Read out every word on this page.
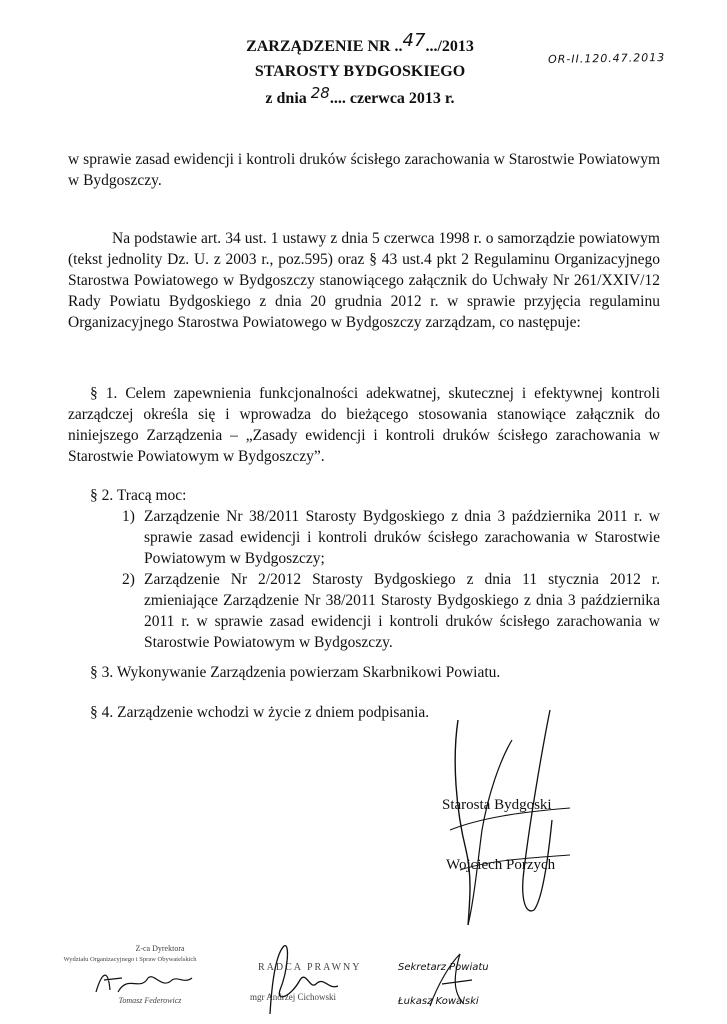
ZARZĄDZENIE NR ..47.../2013
STAROSTY BYDGOSKIEGO
z dnia 28.... czerwca 2013 r.
OR-II.120.47.2013
w sprawie zasad ewidencji i kontroli druków ścisłego zarachowania w Starostwie Powiatowym w Bydgoszczy.
Na podstawie art. 34 ust. 1 ustawy z dnia 5 czerwca 1998 r. o samorządzie powiatowym (tekst jednolity Dz. U. z 2003 r., poz.595) oraz § 43 ust.4 pkt 2 Regulaminu Organizacyjnego Starostwa Powiatowego w Bydgoszczy stanowiącego załącznik do Uchwały Nr 261/XXIV/12 Rady Powiatu Bydgoskiego z dnia 20 grudnia 2012 r. w sprawie przyjęcia regulaminu Organizacyjnego Starostwa Powiatowego w Bydgoszczy zarządzam, co następuje:
§ 1. Celem zapewnienia funkcjonalności adekwatnej, skutecznej i efektywnej kontroli zarządczej określa się i wprowadza do bieżącego stosowania stanowiące załącznik do niniejszego Zarządzenia – „Zasady ewidencji i kontroli druków ścisłego zarachowania w Starostwie Powiatowym w Bydgoszczy”.
§ 2. Tracą moc:
1) Zarządzenie Nr 38/2011 Starosty Bydgoskiego z dnia 3 października 2011 r. w sprawie zasad ewidencji i kontroli druków ścisłego zarachowania w Starostwie Powiatowym w Bydgoszczy;
2) Zarządzenie Nr 2/2012 Starosty Bydgoskiego z dnia 11 stycznia 2012 r. zmieniające Zarządzenie Nr 38/2011 Starosty Bydgoskiego z dnia 3 października 2011 r. w sprawie zasad ewidencji i kontroli druków ścisłego zarachowania w Starostwie Powiatowym w Bydgoszczy.
§ 3. Wykonywanie Zarządzenia powierzam Skarbnikowi Powiatu.
§ 4. Zarządzenie wchodzi w życie z dniem podpisania.
Starosta Bydgoski
Wojciech Porzych
Z-ca Dyrektora
Wydziału Organizacyjnego i Spraw Obywatelskich
Tomasz Federowicz
RADCA PRAWNY
mgr Andrzej Cichowski
Sekretarz Powiatu
Łukasz Kowalski
